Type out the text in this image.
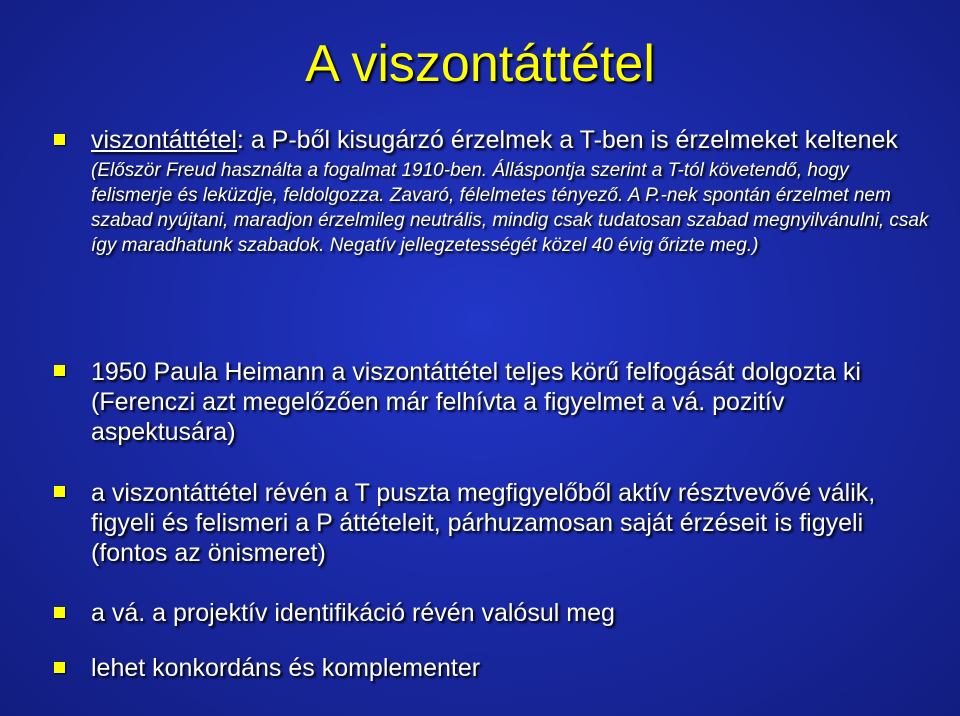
A viszontáttétel
viszontáttétel: a P-ből kisugárzó érzelmek a T-ben is érzelmeket keltenek
(Először Freud használta a fogalmat 1910-ben. Álláspontja szerint a T-tól követendő, hogy felismerje és leküzdje, feldolgozza. Zavaró, félelmetes tényező. A P.-nek spontán érzelmet nem szabad nyújtani, maradjon érzelmileg neutrális, mindig csak tudatosan szabad megnyilvánulni, csak így maradhatunk szabadok. Negatív jellegzetességét közel 40 évig őrizte meg.)
1950 Paula Heimann a viszontáttétel teljes körű felfogását dolgozta ki (Ferenczi azt megelőzően már felhívta a figyelmet a vá. pozitív aspektusára)
a viszontáttétel révén a T puszta megfigyelőből aktív résztvevővé válik, figyeli és felismeri a P áttételeit, párhuzamosan saját érzéseit is figyeli (fontos az önismeret)
a vá. a projektív identifikáció révén valósul meg
lehet konkordáns és komplementer
